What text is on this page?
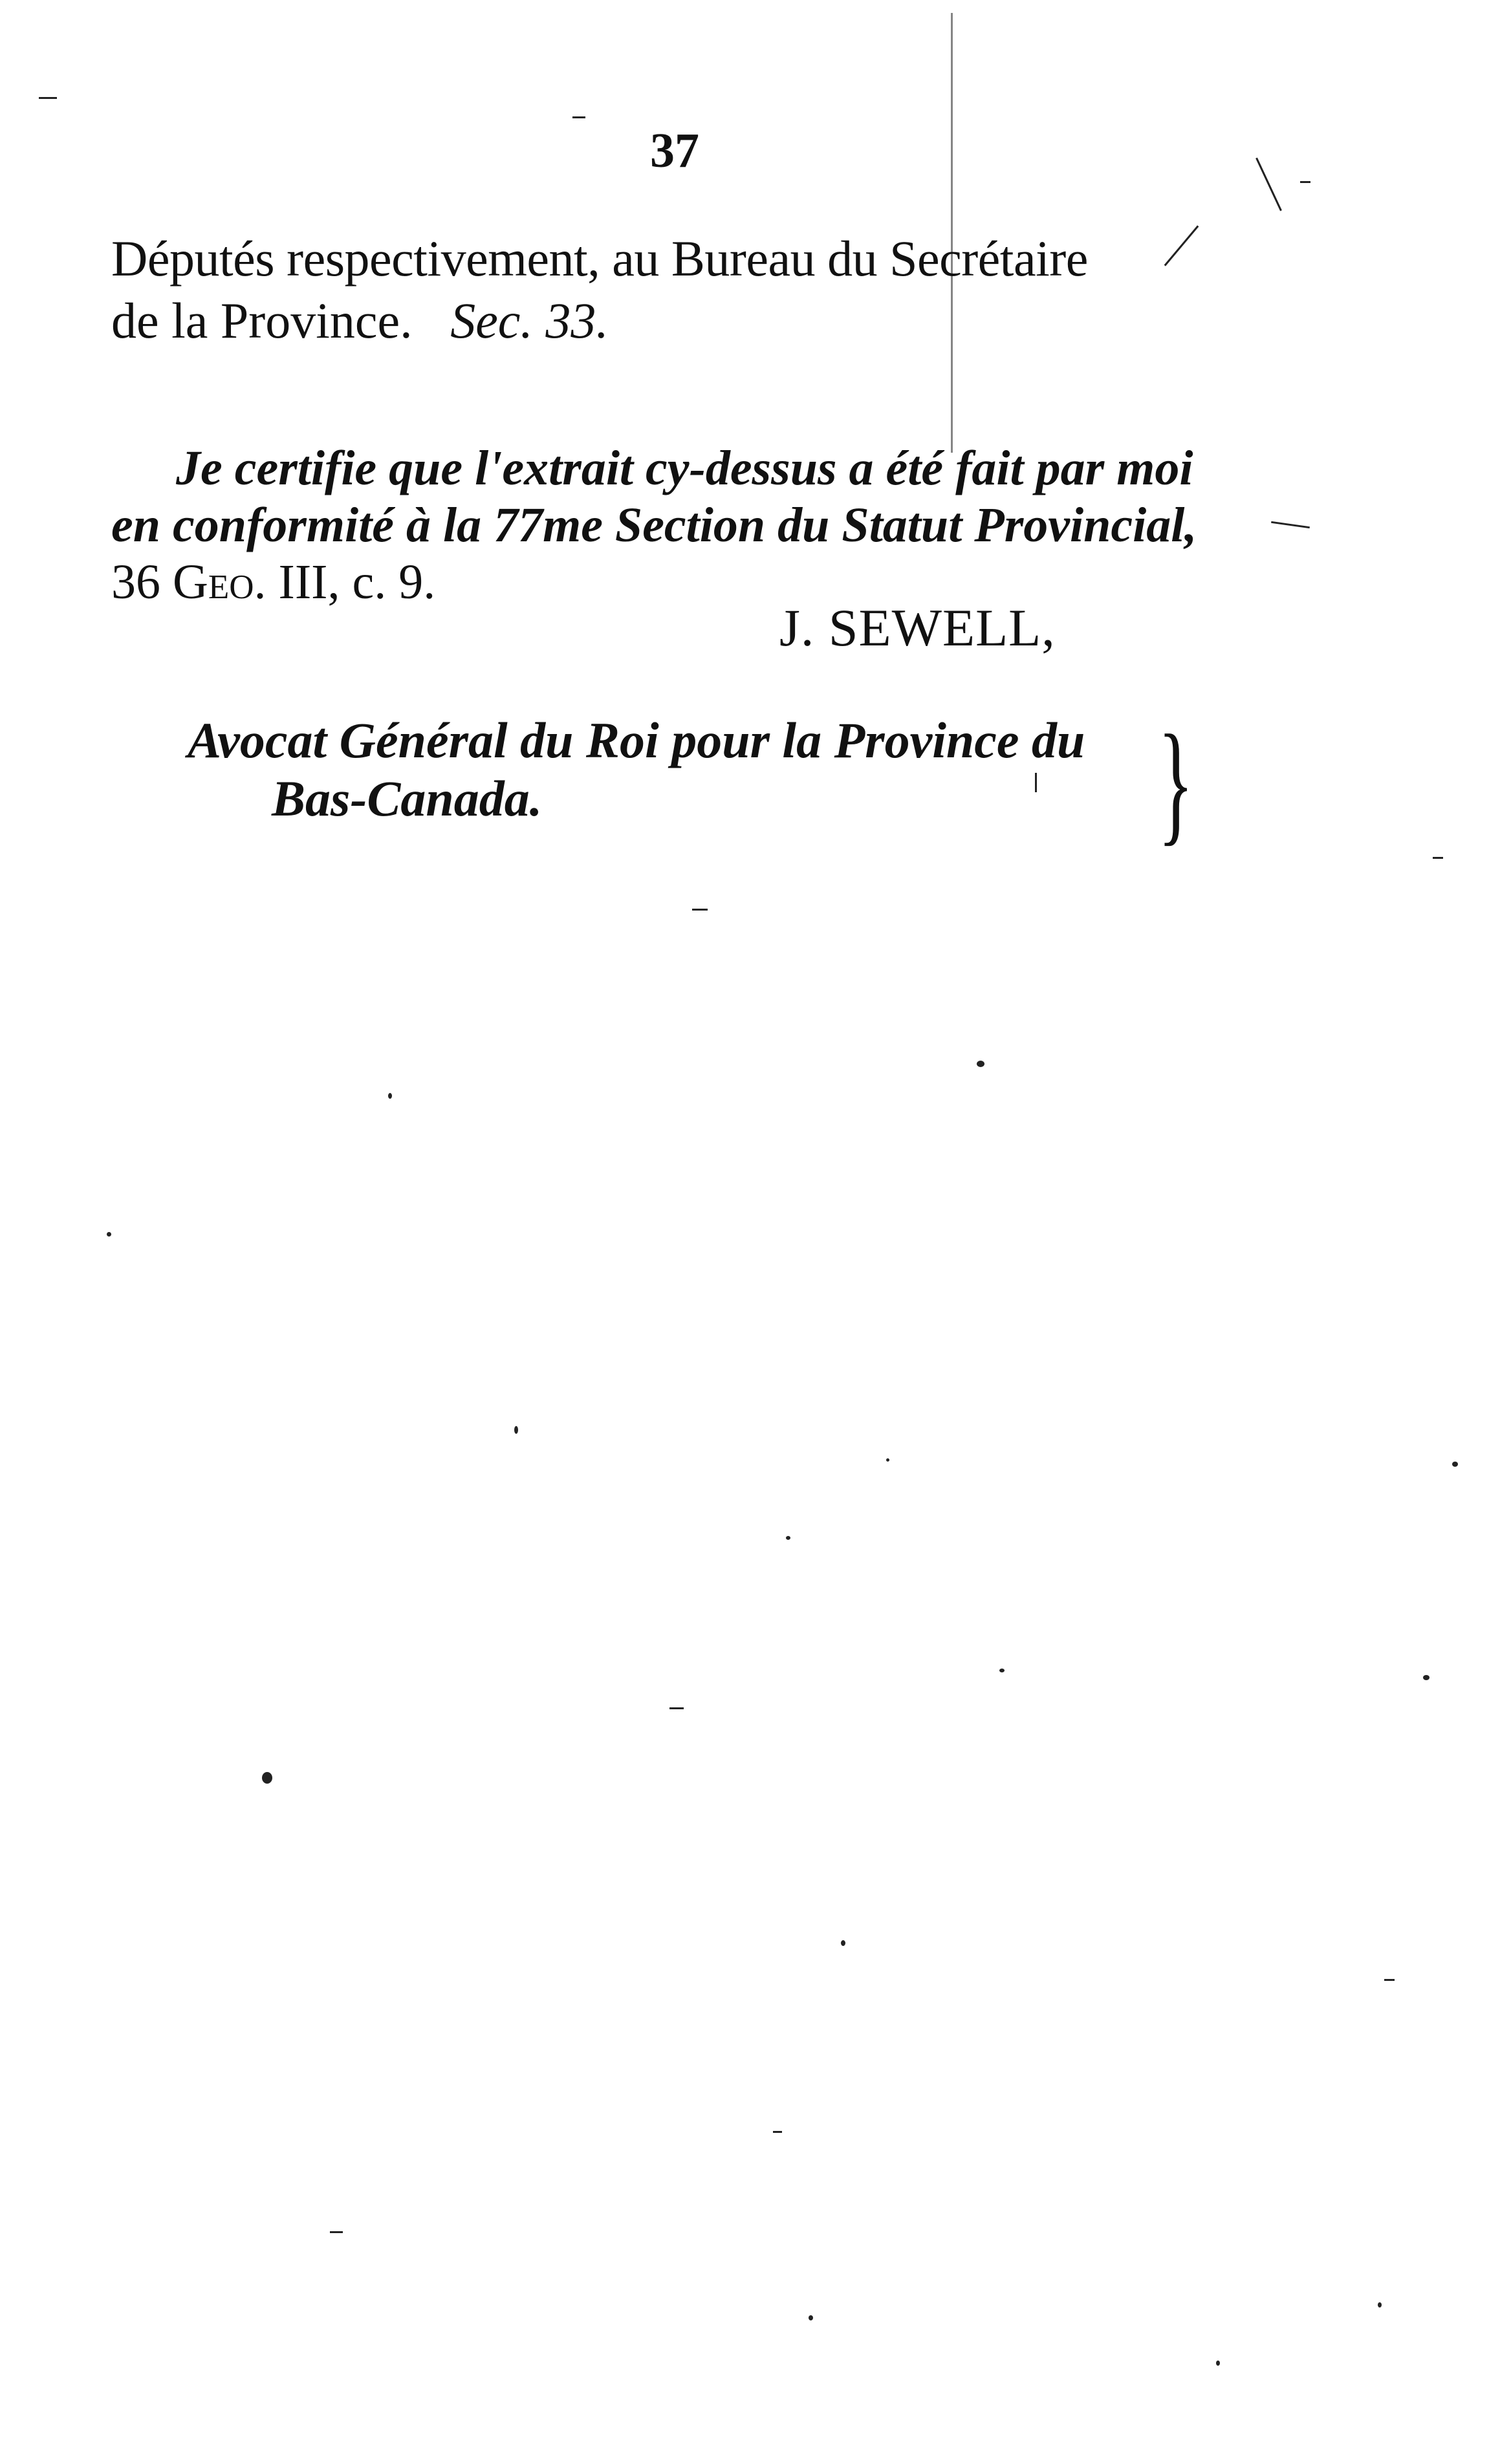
37
Députés respectivement, au Bureau du Secrétaire
de la Province. Sec. 33.
Je certifie que l'extrait cy-dessus a été fait par moi
en conformité à la 77me Section du Statut Provincial,
36 Geo. III, c. 9.
J. SEWELL,
Avocat Général du Roi pour la Province du
Bas-Canada.	}
